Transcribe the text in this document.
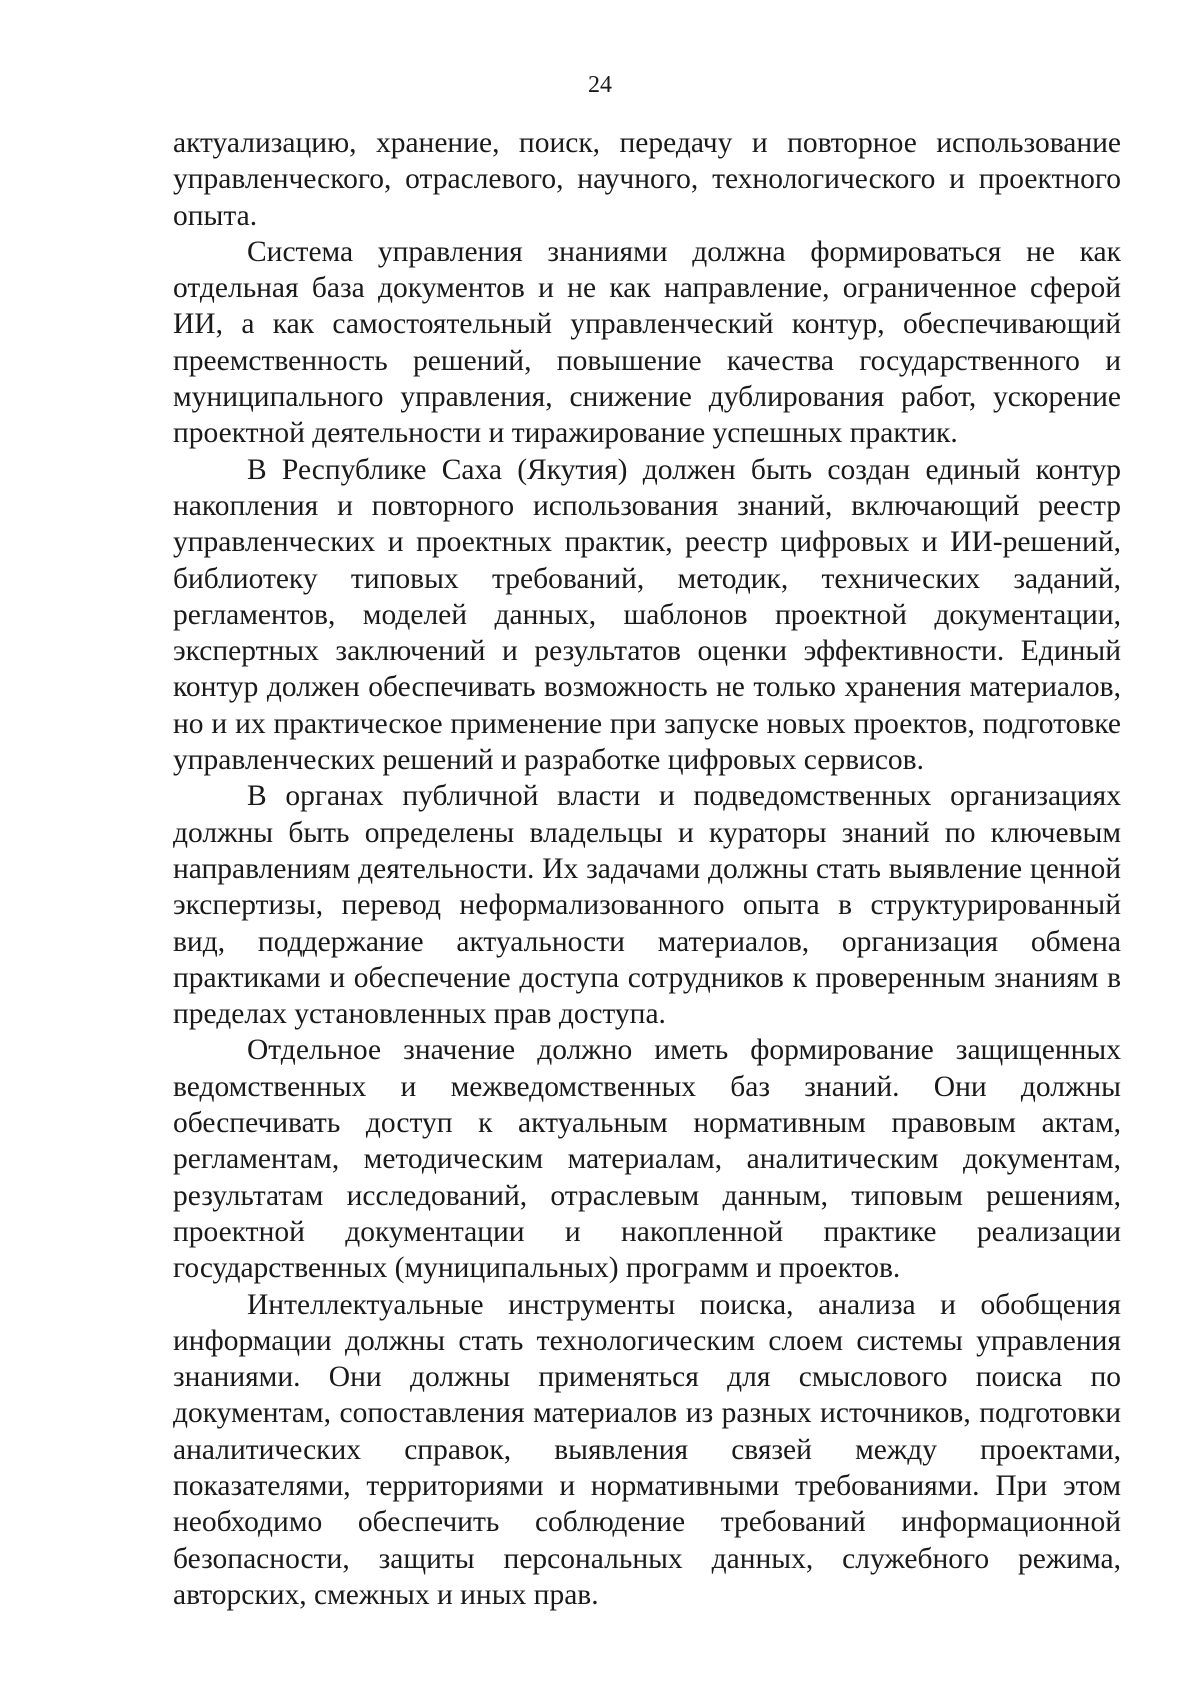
24

актуализацию, хранение, поиск, передачу и повторное использование управленческого, отраслевого, научного, технологического и проектного опыта.

Система управления знаниями должна формироваться не как отдельная база документов и не как направление, ограниченное сферой ИИ, а как самостоятельный управленческий контур, обеспечивающий преемственность решений, повышение качества государственного и муниципального управления, снижение дублирования работ, ускорение проектной деятельности и тиражирование успешных практик.

В Республике Саха (Якутия) должен быть создан единый контур накопления и повторного использования знаний, включающий реестр управленческих и проектных практик, реестр цифровых и ИИ-решений, библиотеку типовых требований, методик, технических заданий, регламентов, моделей данных, шаблонов проектной документации, экспертных заключений и результатов оценки эффективности. Единый контур должен обеспечивать возможность не только хранения материалов, но и их практическое применение при запуске новых проектов, подготовке управленческих решений и разработке цифровых сервисов.

В органах публичной власти и подведомственных организациях должны быть определены владельцы и кураторы знаний по ключевым направлениям деятельности. Их задачами должны стать выявление ценной экспертизы, перевод неформализованного опыта в структурированный вид, поддержание актуальности материалов, организация обмена практиками и обеспечение доступа сотрудников к проверенным знаниям в пределах установленных прав доступа.

Отдельное значение должно иметь формирование защищенных ведомственных и межведомственных баз знаний. Они должны обеспечивать доступ к актуальным нормативным правовым актам, регламентам, методическим материалам, аналитическим документам, результатам исследований, отраслевым данным, типовым решениям, проектной документации и накопленной практике реализации государственных (муниципальных) программ и проектов.

Интеллектуальные инструменты поиска, анализа и обобщения информации должны стать технологическим слоем системы управления знаниями. Они должны применяться для смыслового поиска по документам, сопоставления материалов из разных источников, подготовки аналитических справок, выявления связей между проектами, показателями, территориями и нормативными требованиями. При этом необходимо обеспечить соблюдение требований информационной безопасности, защиты персональных данных, служебного режима, авторских, смежных и иных прав.
